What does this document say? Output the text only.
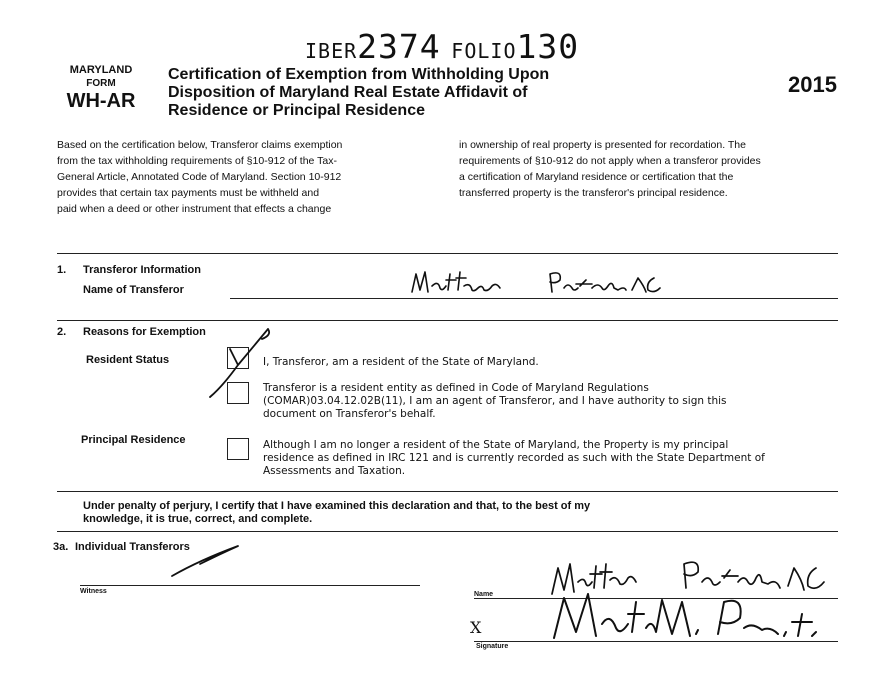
IBER2374 FOLIO130
MARYLAND
FORM
WH-AR
Certification of Exemption from Withholding Upon
Disposition of Maryland Real Estate Affidavit of
Residence or Principal Residence
2015
Based on the certification below, Transferor claims exemption
from the tax withholding requirements of §10-912 of the Tax-
General Article, Annotated Code of Maryland. Section 10-912
provides that certain tax payments must be withheld and
paid when a deed or other instrument that effects a change
in ownership of real property is presented for recordation. The
requirements of §10-912 do not apply when a transferor provides
a certification of Maryland residence or certification that the
transferred property is the transferor's principal residence.
1. Transferor Information
Name of Transferor
2. Reasons for Exemption
Resident Status	I, Transferor, am a resident of the State of Maryland.
Transferor is a resident entity as defined in Code of Maryland Regulations
(COMAR)03.04.12.02B(11), I am an agent of Transferor, and I have authority to sign this
document on Transferor's behalf.
Principal Residence	Although I am no longer a resident of the State of Maryland, the Property is my principal
residence as defined in IRC 121 and is currently recorded as such with the State Department of
Assessments and Taxation.
Under penalty of perjury, I certify that I have examined this declaration and that, to the best of my
knowledge, it is true, correct, and complete.
3a. Individual Transferors
Witness	Name
Signature
X
